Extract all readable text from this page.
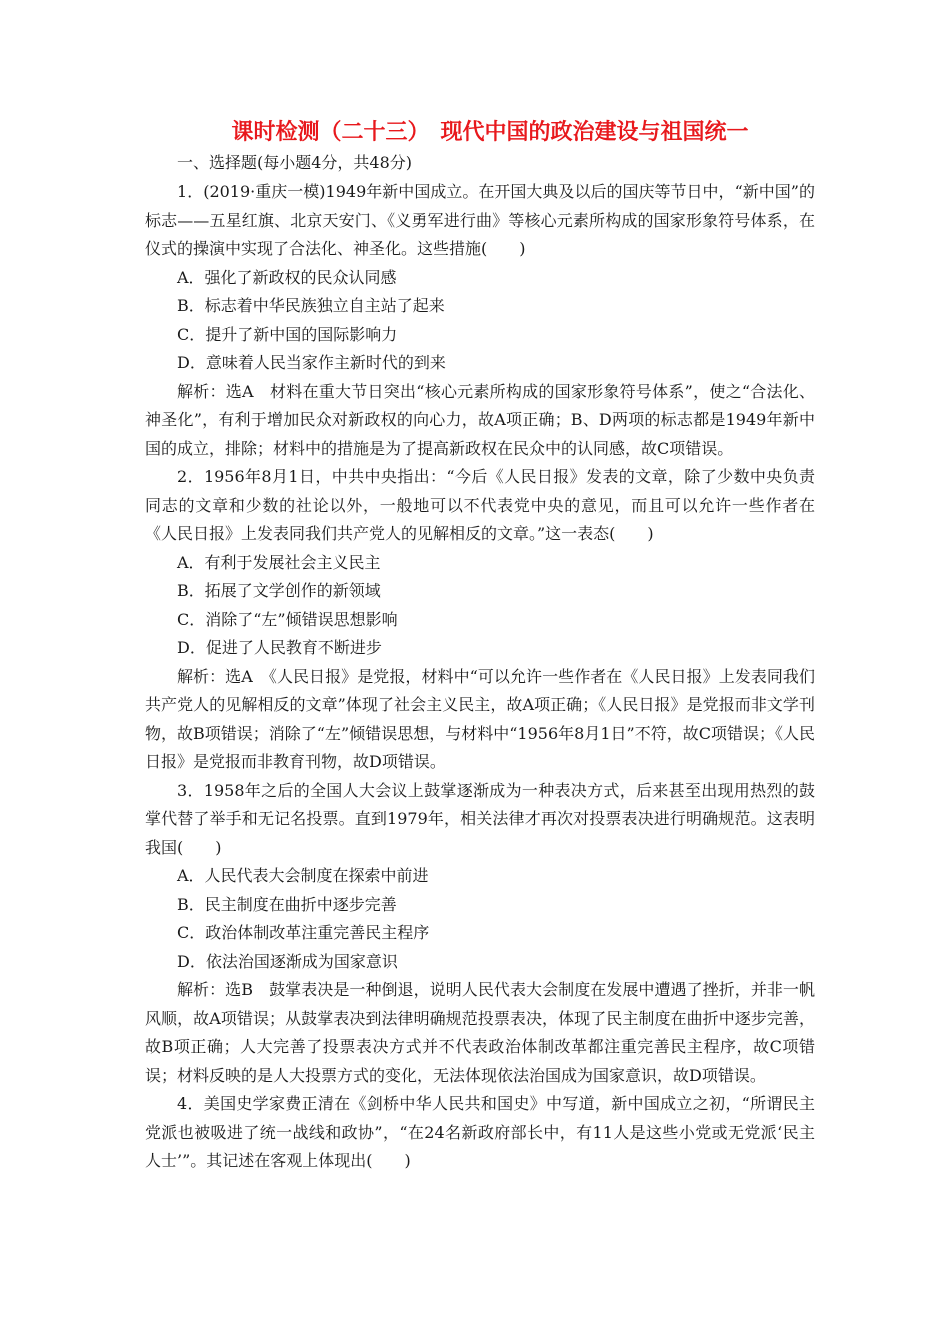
课时检测（二十三）　现代中国的政治建设与祖国统一

一、选择题(每小题4分，共48分)

1．(2019·重庆一模)1949年新中国成立。在开国大典及以后的国庆等节日中，“新中国”的标志——五星红旗、北京天安门、《义勇军进行曲》等核心元素所构成的国家形象符号体系，在仪式的操演中实现了合法化、神圣化。这些措施(　　)

A．强化了新政权的民众认同感

B．标志着中华民族独立自主站了起来

C．提升了新中国的国际影响力

D．意味着人民当家作主新时代的到来

解析：选A　材料在重大节日突出“核心元素所构成的国家形象符号体系”，使之“合法化、神圣化”，有利于增加民众对新政权的向心力，故A项正确；B、D两项的标志都是1949年新中国的成立，排除；材料中的措施是为了提高新政权在民众中的认同感，故C项错误。

2．1956年8月1日，中共中央指出：“今后《人民日报》发表的文章，除了少数中央负责同志的文章和少数的社论以外，一般地可以不代表党中央的意见，而且可以允许一些作者在《人民日报》上发表同我们共产党人的见解相反的文章。”这一表态(　　)

A．有利于发展社会主义民主

B．拓展了文学创作的新领域

C．消除了“左”倾错误思想影响

D．促进了人民教育不断进步

解析：选A　《人民日报》是党报，材料中“可以允许一些作者在《人民日报》上发表同我们共产党人的见解相反的文章”体现了社会主义民主，故A项正确；《人民日报》是党报而非文学刊物，故B项错误；消除了“左”倾错误思想，与材料中“1956年8月1日”不符，故C项错误；《人民日报》是党报而非教育刊物，故D项错误。

3．1958年之后的全国人大会议上鼓掌逐渐成为一种表决方式，后来甚至出现用热烈的鼓掌代替了举手和无记名投票。直到1979年，相关法律才再次对投票表决进行明确规范。这表明我国(　　)

A．人民代表大会制度在探索中前进

B．民主制度在曲折中逐步完善

C．政治体制改革注重完善民主程序

D．依法治国逐渐成为国家意识

解析：选B　鼓掌表决是一种倒退，说明人民代表大会制度在发展中遭遇了挫折，并非一帆风顺，故A项错误；从鼓掌表决到法律明确规范投票表决，体现了民主制度在曲折中逐步完善，故B项正确；人大完善了投票表决方式并不代表政治体制改革都注重完善民主程序，故C项错误；材料反映的是人大投票方式的变化，无法体现依法治国成为国家意识，故D项错误。

4．美国史学家费正清在《剑桥中华人民共和国史》中写道，新中国成立之初，“所谓民主党派也被吸进了统一战线和政协”，“在24名新政府部长中，有11人是这些小党或无党派‘民主人士’”。其记述在客观上体现出(　　)
